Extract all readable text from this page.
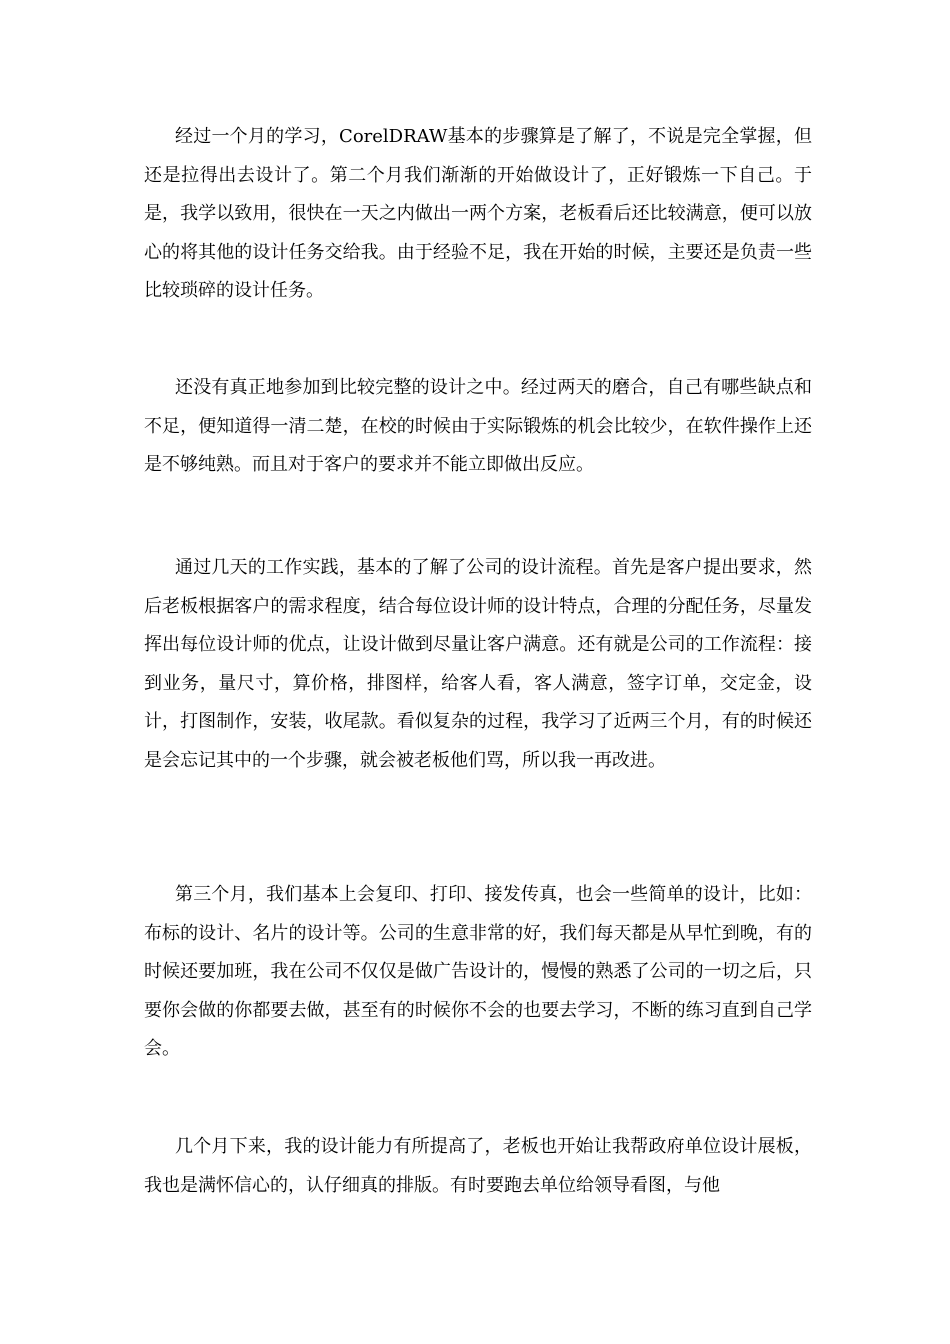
经过一个月的学习，CorelDRAW基本的步骤算是了解了，不说是完全掌握，但还是拉得出去设计了。第二个月我们渐渐的开始做设计了，正好锻炼一下自己。于是，我学以致用，很快在一天之内做出一两个方案，老板看后还比较满意，便可以放心的将其他的设计任务交给我。由于经验不足，我在开始的时候，主要还是负责一些比较琐碎的设计任务。

还没有真正地参加到比较完整的设计之中。经过两天的磨合，自己有哪些缺点和不足，便知道得一清二楚，在校的时候由于实际锻炼的机会比较少，在软件操作上还是不够纯熟。而且对于客户的要求并不能立即做出反应。

通过几天的工作实践，基本的了解了公司的设计流程。首先是客户提出要求，然后老板根据客户的需求程度，结合每位设计师的设计特点，合理的分配任务，尽量发挥出每位设计师的优点，让设计做到尽量让客户满意。还有就是公司的工作流程：接到业务，量尺寸，算价格，排图样，给客人看，客人满意，签字订单，交定金，设计，打图制作，安装，收尾款。看似复杂的过程，我学习了近两三个月，有的时候还是会忘记其中的一个步骤，就会被老板他们骂，所以我一再改进。

第三个月，我们基本上会复印、打印、接发传真，也会一些简单的设计，比如：布标的设计、名片的设计等。公司的生意非常的好，我们每天都是从早忙到晚，有的时候还要加班，我在公司不仅仅是做广告设计的，慢慢的熟悉了公司的一切之后，只要你会做的你都要去做，甚至有的时候你不会的也要去学习，不断的练习直到自己学会。

几个月下来，我的设计能力有所提高了，老板也开始让我帮政府单位设计展板，我也是满怀信心的，认仔细真的排版。有时要跑去单位给领导看图，与他
